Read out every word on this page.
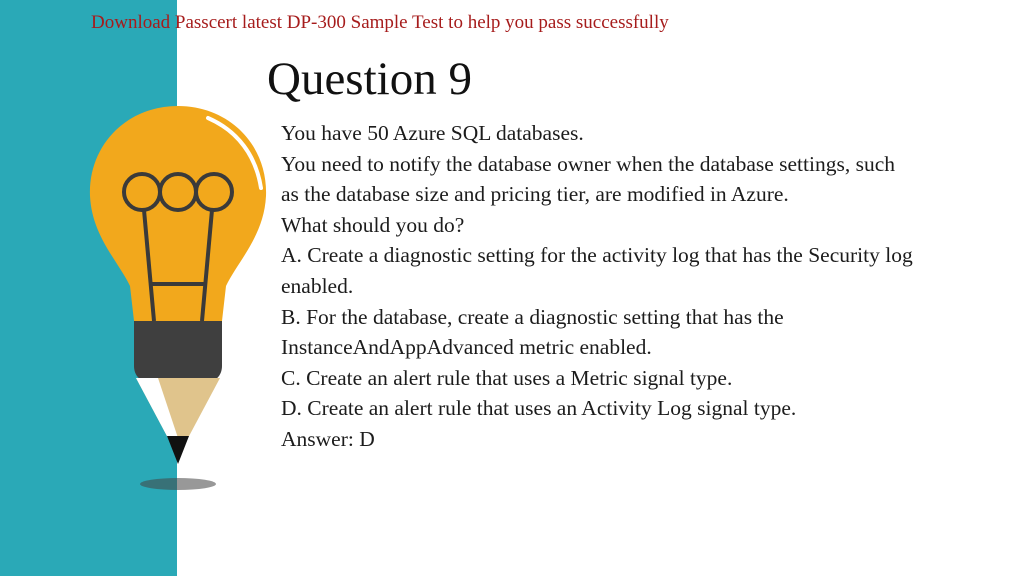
Download Passcert latest DP-300 Sample Test to help you pass successfully
Question 9
You have 50 Azure SQL databases.
You need to notify the database owner when the database settings, such
as the database size and pricing tier, are modified in Azure.
What should you do?
A. Create a diagnostic setting for the activity log that has the Security log
enabled.
B. For the database, create a diagnostic setting that has the
InstanceAndAppAdvanced metric enabled.
C. Create an alert rule that uses a Metric signal type.
D. Create an alert rule that uses an Activity Log signal type.
Answer: D
